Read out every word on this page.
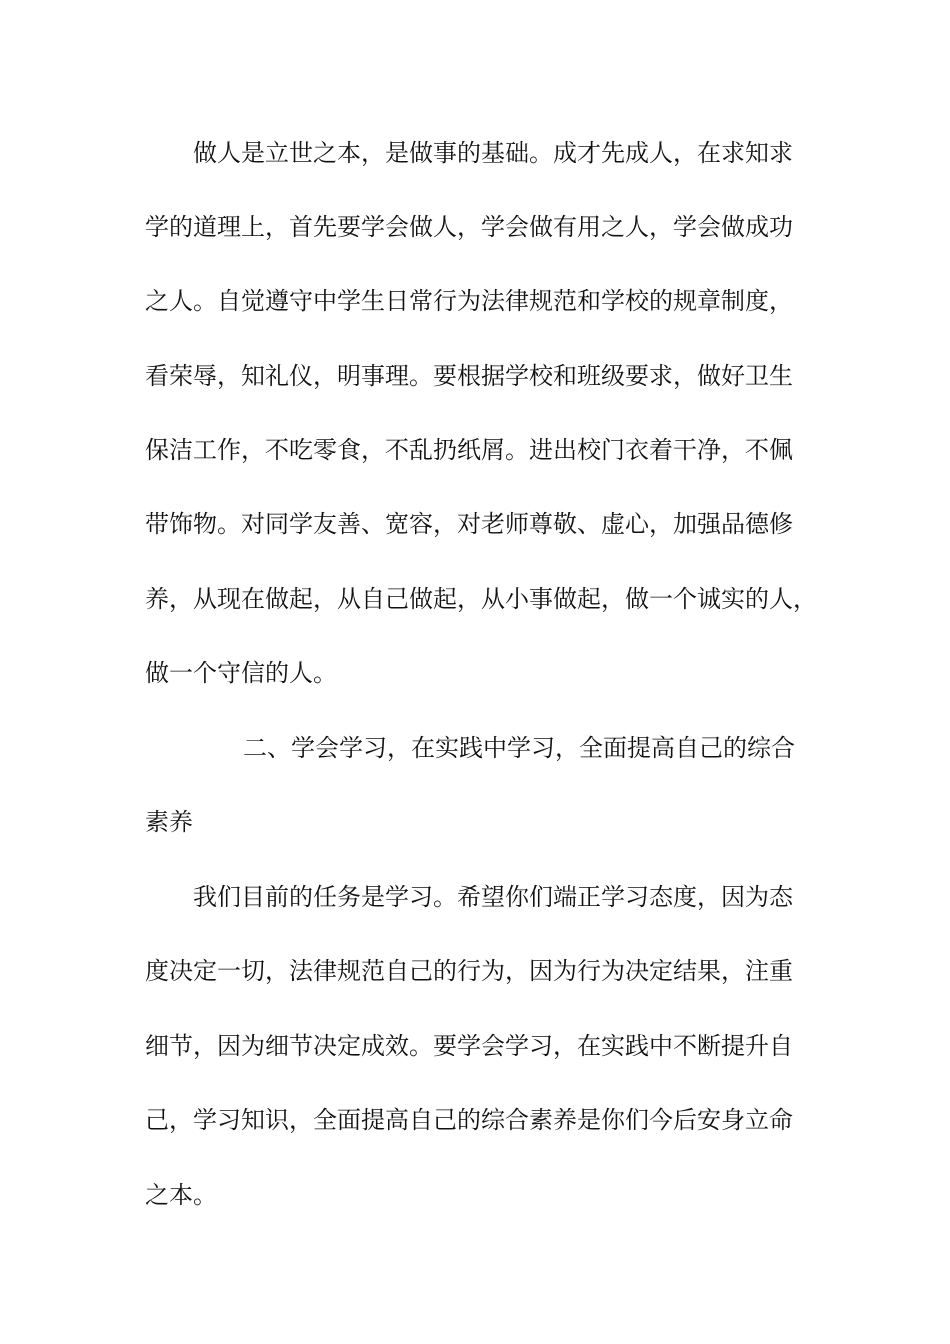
做人是立世之本，是做事的基础。成才先成人，在求知求

学的道理上，首先要学会做人，学会做有用之人，学会做成功

之人。自觉遵守中学生日常行为法律规范和学校的规章制度，

看荣辱，知礼仪，明事理。要根据学校和班级要求，做好卫生

保洁工作，不吃零食，不乱扔纸屑。进出校门衣着干净，不佩

带饰物。对同学友善、宽容，对老师尊敬、虚心，加强品德修

养，从现在做起，从自己做起，从小事做起，做一个诚实的人，

做一个守信的人。

二、学会学习，在实践中学习，全面提高自己的综合

素养

我们目前的任务是学习。希望你们端正学习态度，因为态

度决定一切，法律规范自己的行为，因为行为决定结果，注重

细节，因为细节决定成效。要学会学习，在实践中不断提升自

己，学习知识，全面提高自己的综合素养是你们今后安身立命

之本。
